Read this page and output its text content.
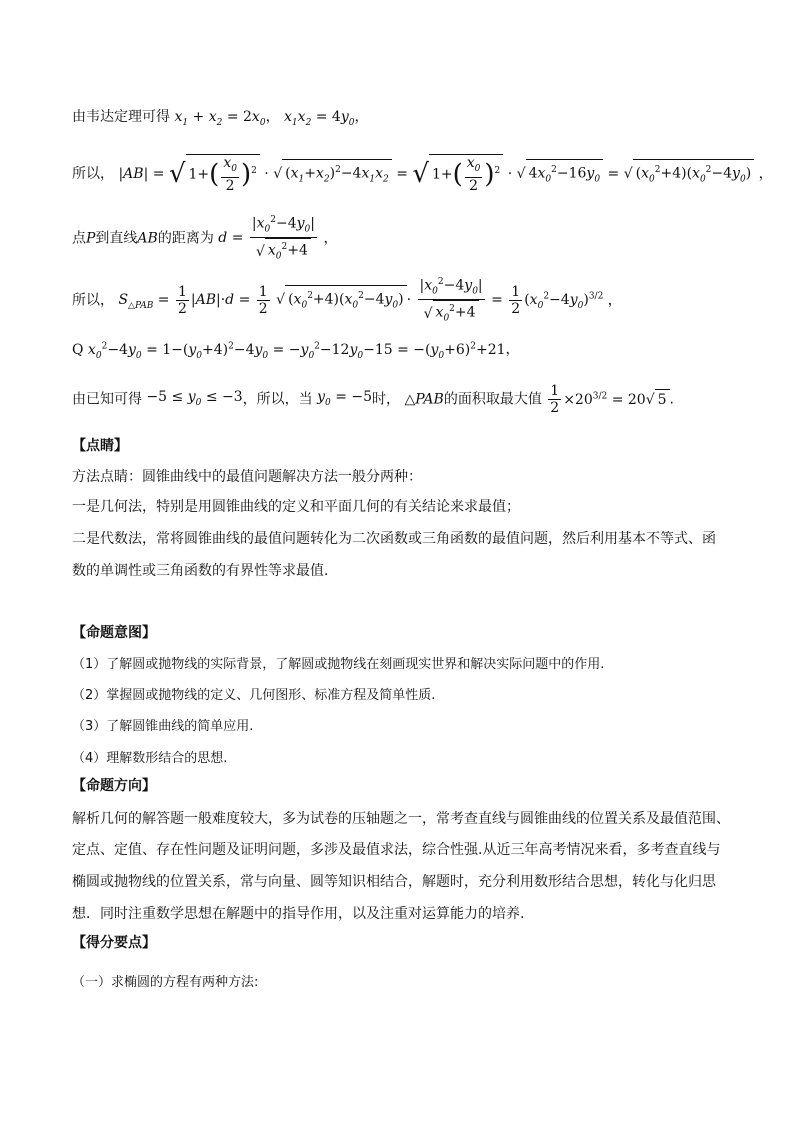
由韦达定理可得 $x_1 + x_2 = 2x_0$， $x_1x_2 = 4y_0$，
所以， |AB| = √ $1+( \frac{x_0}{2} )^2$ · √ $(x_1+x_2)^2-4x_1x_2$ = √ $1+( \frac{x_0}{2} )^2$ · √ $4x_0^2-16y_0$ = √ $(x_0^2+4)(x_0^2-4y_0)$ ，
点P到直线AB的距离为 $d = \frac{|x_0^2-4y_0|}{√ x_0^2+4}$ ，
所以， $S_{\triangle PAB} = \frac{1}{2} |AB|\cdot d = \frac{1}{2}$ √ $(x_0^2+4)(x_0^2-4y_0) \cdot \frac{|x_0^2-4y_0|}{√ x_0^2+4} = \frac{1}{2} (x_0^2-4y_0)^{3/2}$ ，
Q $x_0^2-4y_0 = 1-(y_0+4)^2-4y_0 = -y_0^2-12y_0-15 = -(y_0+6)^2+21$，
由已知可得 $-5 \le y_0 \le -3$，所以，当 $y_0 = -5$时， △PAB的面积取最大值 $\frac{1}{2} \times 20^{3/2} = 20√$ 5 .
【点睛】
方法点睛：圆锥曲线中的最值问题解决方法一般分两种：
一是几何法，特别是用圆锥曲线的定义和平面几何的有关结论来求最值；
二是代数法，常将圆锥曲线的最值问题转化为二次函数或三角函数的最值问题，然后利用基本不等式、函
数的单调性或三角函数的有界性等求最值．
【命题意图】
（1）了解圆或抛物线的实际背景，了解圆或抛物线在刻画现实世界和解决实际问题中的作用.
（2）掌握圆或抛物线的定义、几何图形、标准方程及简单性质.
（3）了解圆锥曲线的简单应用.
（4）理解数形结合的思想.
【命题方向】
解析几何的解答题一般难度较大，多为试卷的压轴题之一，常考查直线与圆锥曲线的位置关系及最值范围、
定点、定值、存在性问题及证明问题，多涉及最值求法，综合性强.从近三年高考情况来看，多考查直线与
椭圆或抛物线的位置关系，常与向量、圆等知识相结合，解题时，充分利用数形结合思想，转化与化归思
想．同时注重数学思想在解题中的指导作用，以及注重对运算能力的培养.
【得分要点】
（一）求椭圆的方程有两种方法:
